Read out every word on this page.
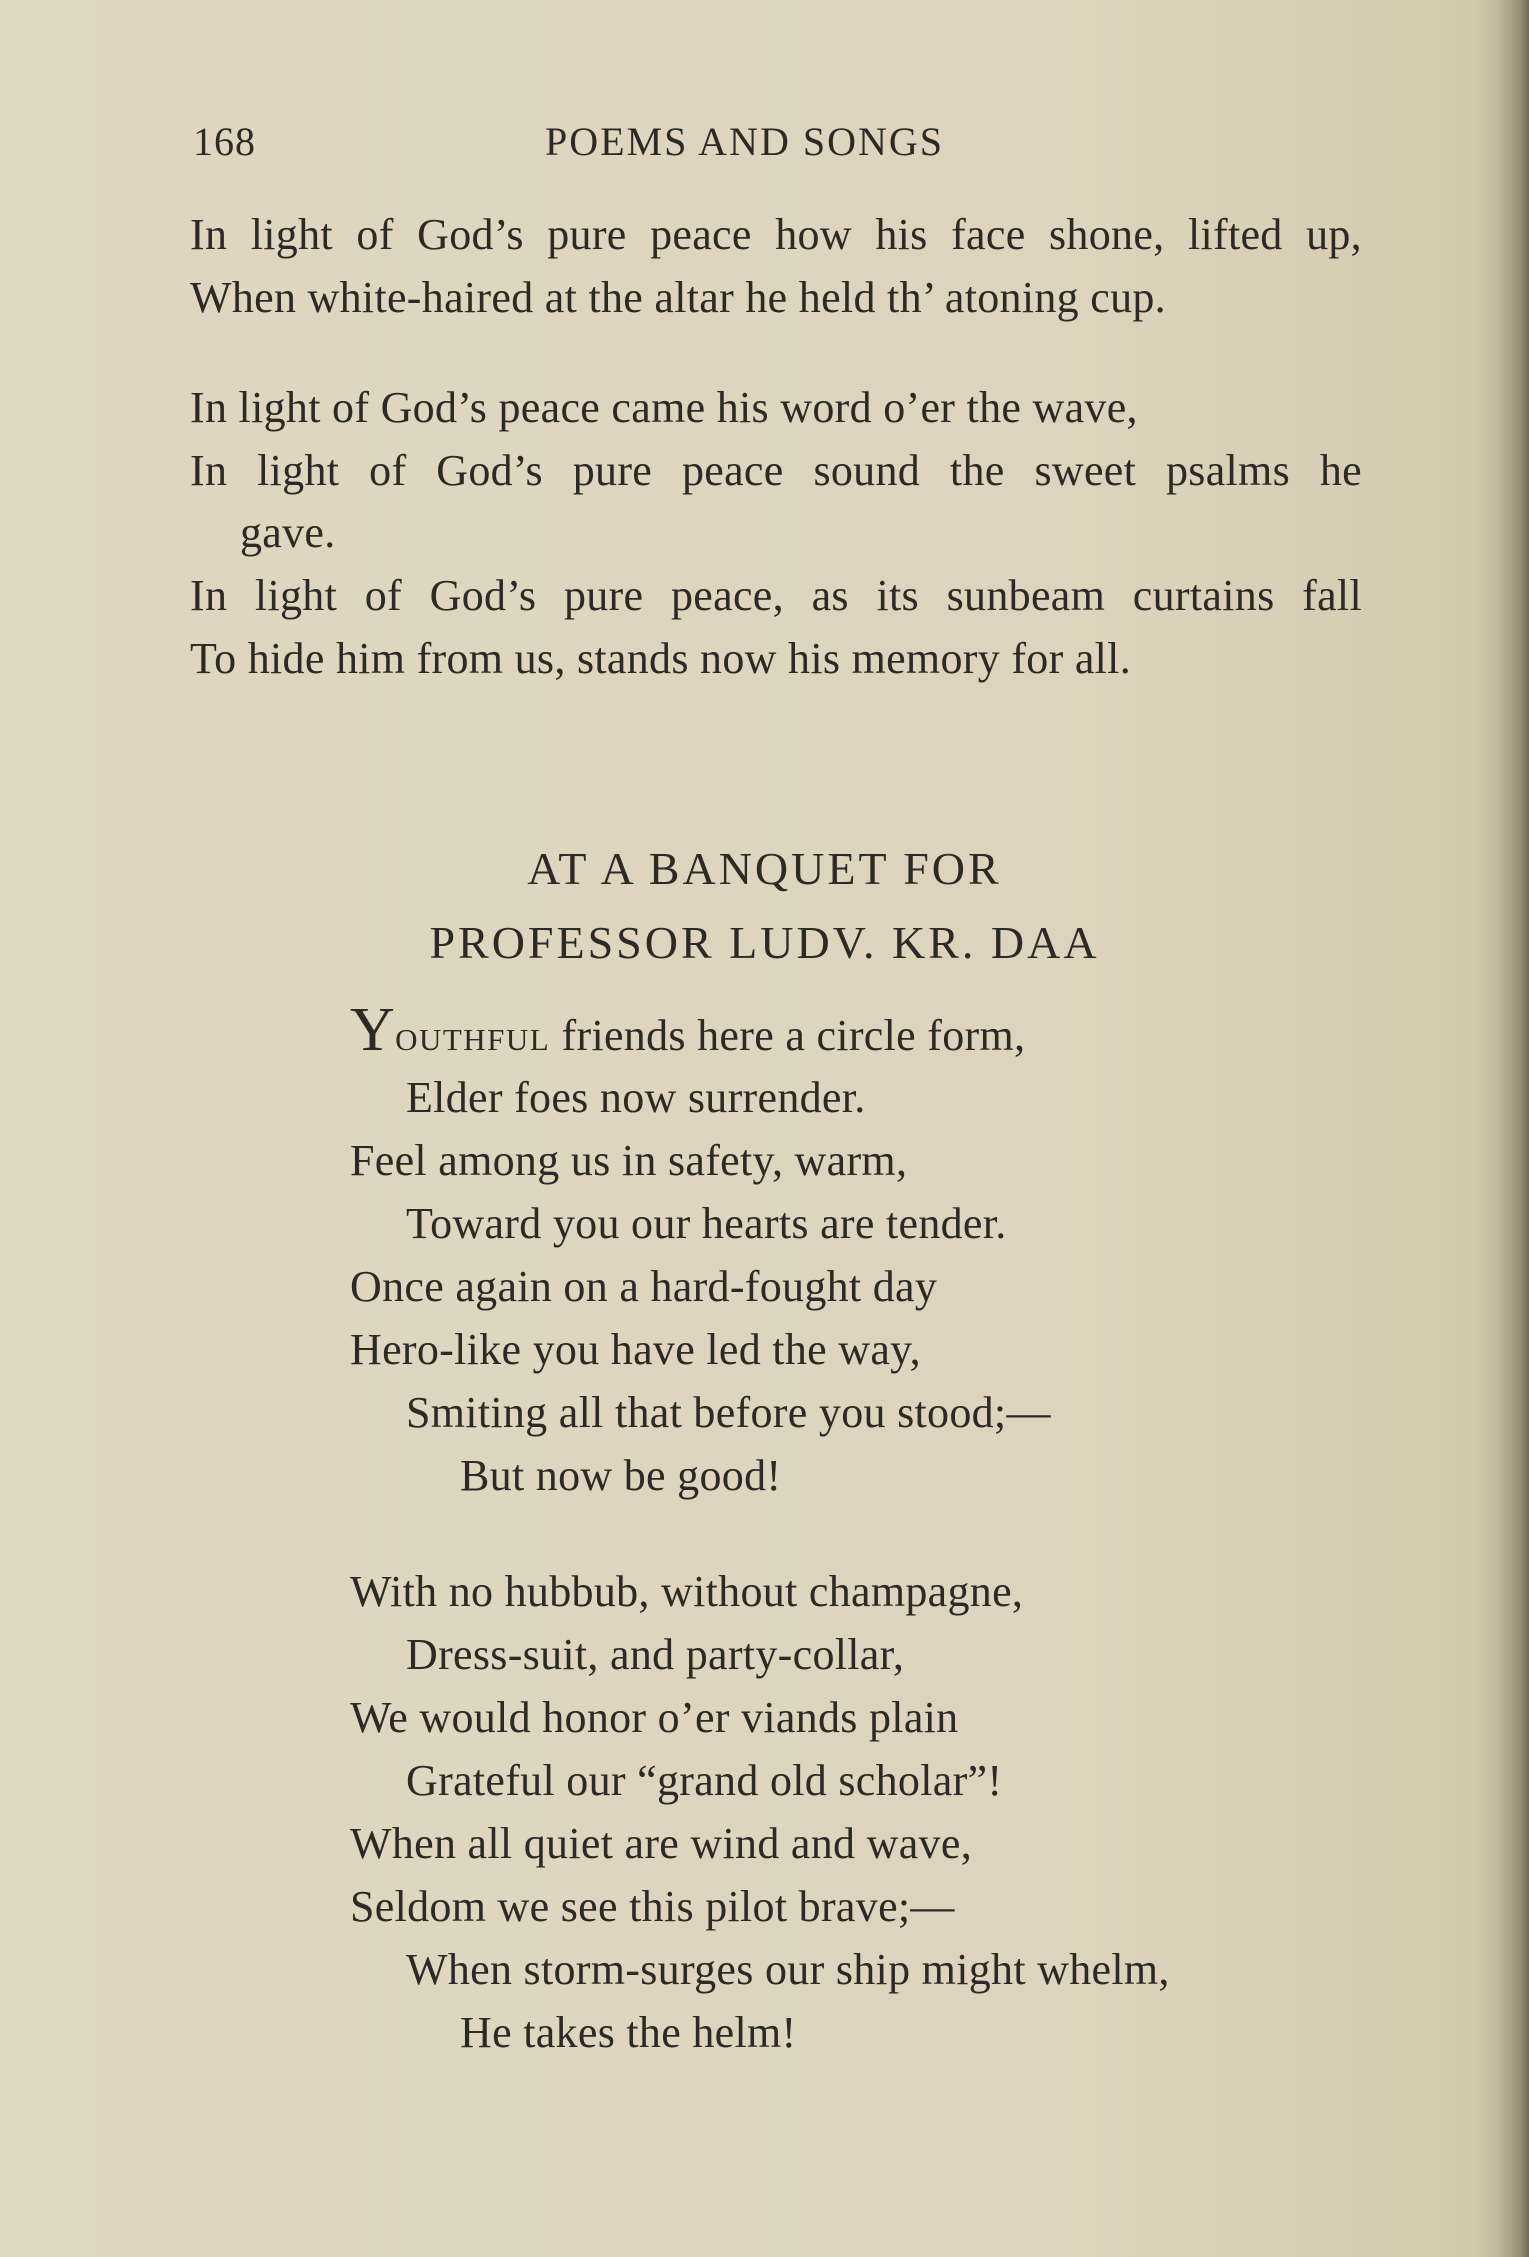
168	POEMS AND SONGS
In light of God’s pure peace how his face shone, lifted up,
When white-haired at the altar he held th’ atoning cup.
In light of God’s peace came his word o’er the wave,
In light of God’s pure peace sound the sweet psalms he
gave.
In light of God’s pure peace, as its sunbeam curtains fall
To hide him from us, stands now his memory for all.
AT A BANQUET FOR
PROFESSOR LUDV. KR. DAA
Youthful friends here a circle form,
Elder foes now surrender.
Feel among us in safety, warm,
Toward you our hearts are tender.
Once again on a hard-fought day
Hero-like you have led the way,
Smiting all that before you stood;—
But now be good!
With no hubbub, without champagne,
Dress-suit, and party-collar,
We would honor o’er viands plain
Grateful our “grand old scholar”!
When all quiet are wind and wave,
Seldom we see this pilot brave;—
When storm-surges our ship might whelm,
He takes the helm!
